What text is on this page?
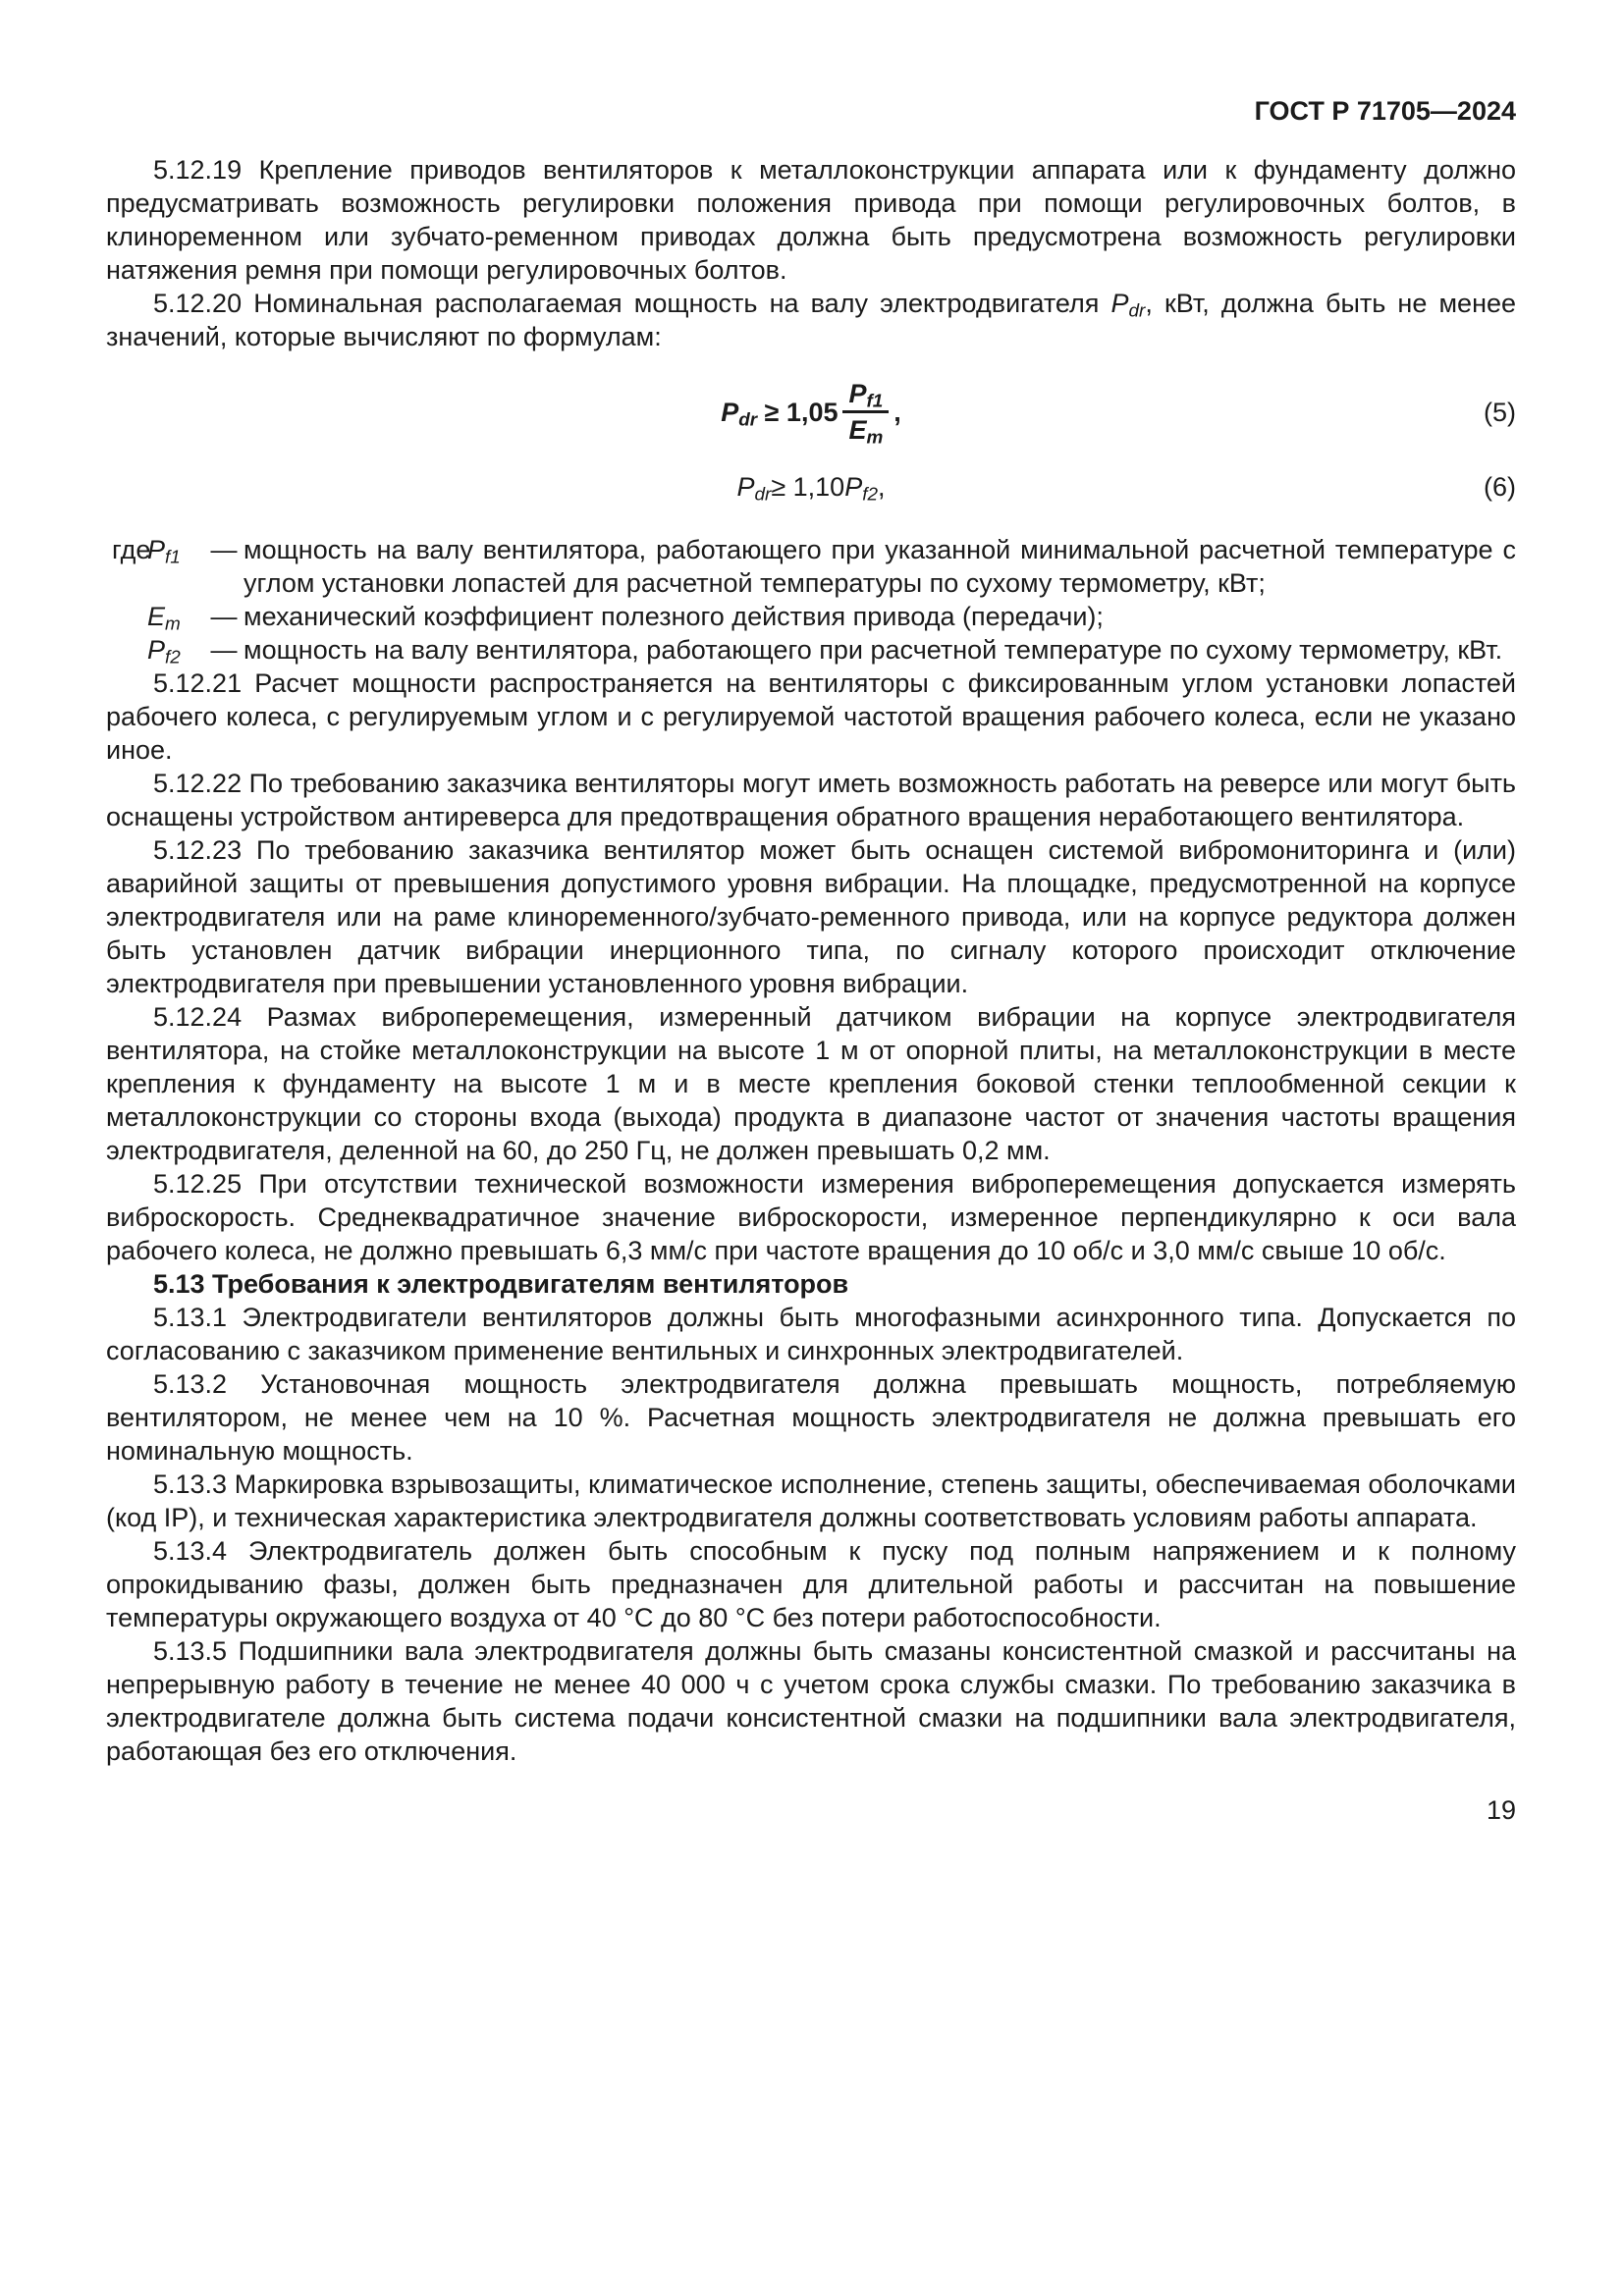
ГОСТ Р 71705—2024

5.12.19 Крепление приводов вентиляторов к металлоконструкции аппарата или к фундаменту должно предусматривать возможность регулировки положения привода при помощи регулировочных болтов, в клиноременном или зубчато-ременном приводах должна быть предусмотрена возможность регулировки натяжения ремня при помощи регулировочных болтов.

5.12.20 Номинальная располагаемая мощность на валу электродвигателя $P_{dr}$, кВт, должна быть не менее значений, которые вычисляют по формулам:

$P_{dr} \ge 1,05 \frac{P_{f1}}{E_m}$ ,	(5)
$P_{dr} \ge 1,10$ $P_{f2}$ ,	(6)
где
$P_{f1}$	— мощность на валу вентилятора, работающего при указанной минимальной расчетной температуре с углом установки лопастей для расчетной температуры по сухому термометру, кВт;
$E_m$	— механический коэффициент полезного действия привода (передачи);
$P_{f2}$	— мощность на валу вентилятора, работающего при расчетной температуре по сухому термометру, кВт.

5.12.21 Расчет мощности распространяется на вентиляторы с фиксированным углом установки лопастей рабочего колеса, с регулируемым углом и с регулируемой частотой вращения рабочего колеса, если не указано иное.

5.12.22 По требованию заказчика вентиляторы могут иметь возможность работать на реверсе или могут быть оснащены устройством антиреверса для предотвращения обратного вращения неработающего вентилятора.

5.12.23 По требованию заказчика вентилятор может быть оснащен системой вибромониторинга и (или) аварийной защиты от превышения допустимого уровня вибрации. На площадке, предусмотренной на корпусе электродвигателя или на раме клиноременного/зубчато-ременного привода, или на корпусе редуктора должен быть установлен датчик вибрации инерционного типа, по сигналу которого происходит отключение электродвигателя при превышении установленного уровня вибрации.

5.12.24 Размах виброперемещения, измеренный датчиком вибрации на корпусе электродвигателя вентилятора, на стойке металлоконструкции на высоте 1 м от опорной плиты, на металлоконструкции в месте крепления к фундаменту на высоте 1 м и в месте крепления боковой стенки теплообменной секции к металлоконструкции со стороны входа (выхода) продукта в диапазоне частот от значения частоты вращения электродвигателя, деленной на 60, до 250 Гц, не должен превышать 0,2 мм.

5.12.25 При отсутствии технической возможности измерения виброперемещения допускается измерять виброскорость. Среднеквадратичное значение виброскорости, измеренное перпендикулярно к оси вала рабочего колеса, не должно превышать 6,3 мм/с при частоте вращения до 10 об/с и 3,0 мм/с свыше 10 об/с.

5.13 Требования к электродвигателям вентиляторов

5.13.1 Электродвигатели вентиляторов должны быть многофазными асинхронного типа. Допускается по согласованию с заказчиком применение вентильных и синхронных электродвигателей.

5.13.2 Установочная мощность электродвигателя должна превышать мощность, потребляемую вентилятором, не менее чем на 10 %. Расчетная мощность электродвигателя не должна превышать его номинальную мощность.

5.13.3 Маркировка взрывозащиты, климатическое исполнение, степень защиты, обеспечиваемая оболочками (код IP), и техническая характеристика электродвигателя должны соответствовать условиям работы аппарата.

5.13.4 Электродвигатель должен быть способным к пуску под полным напряжением и к полному опрокидыванию фазы, должен быть предназначен для длительной работы и рассчитан на повышение температуры окружающего воздуха от 40 °С до 80 °С без потери работоспособности.

5.13.5 Подшипники вала электродвигателя должны быть смазаны консистентной смазкой и рассчитаны на непрерывную работу в течение не менее 40 000 ч с учетом срока службы смазки. По требованию заказчика в электродвигателе должна быть система подачи консистентной смазки на подшипники вала электродвигателя, работающая без его отключения.

19
